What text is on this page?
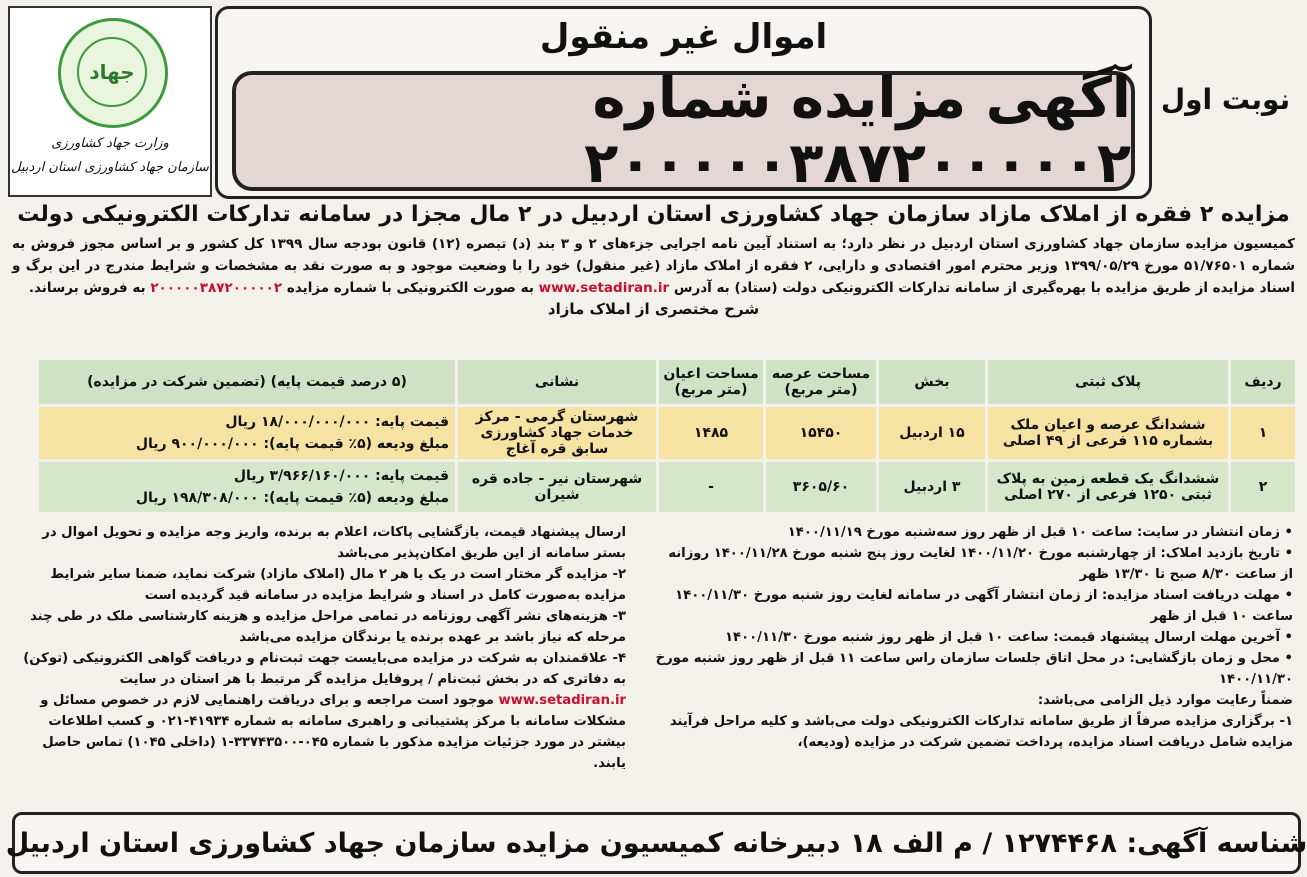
اموال غیر منقول
آگهی مزایده شماره ۲۰۰۰۰۰۳۸۷۲۰۰۰۰۰۲
نوبت اول
جهاد
وزارت جهاد کشاورزی
سازمان جهاد کشاورزی استان اردبیل
مزایده ۲ فقره از املاک مازاد سازمان جهاد کشاورزی استان اردبیل در ۲ مال مجزا در سامانه تدارکات الکترونیکی دولت
کمیسیون مزایده سازمان جهاد کشاورزی استان اردبیل در نظر دارد؛ به استناد آیین نامه اجرایی جزءهای ۲ و ۳ بند (د) تبصره (۱۲) قانون بودجه سال ۱۳۹۹ کل کشور و بر اساس مجوز فروش به شماره ۵۱/۷۶۵۰۱ مورخ ۱۳۹۹/۰۵/۲۹ وزیر محترم امور اقتصادی و دارایی، ۲ فقره از املاک مازاد (غیر منقول) خود را با وضعیت موجود و به صورت نقد به مشخصات و شرایط مندرج در این برگ و اسناد مزایده از طریق مزایده با بهره‌گیری از سامانه تدارکات الکترونیکی دولت (ستاد) به آدرس www.setadiran.ir به صورت الکترونیکی با شماره مزایده ۲۰۰۰۰۰۳۸۷۲۰۰۰۰۰۲ به فروش برساند.
شرح مختصری از املاک مازاد
ردیف	پلاک ثبتی	بخش	مساحت عرصه (متر مربع)	مساحت اعیان (متر مربع)	نشانی	(۵ درصد قیمت پایه) (تضمین شرکت در مزایده)
۱	ششدانگ عرصه و اعیان ملک بشماره ۱۱۵ فرعی از ۴۹ اصلی	۱۵ اردبیل	۱۵۴۵۰	۱۴۸۵	شهرستان گرمی - مرکز خدمات جهاد کشاورزی سابق قره آغاج	قیمت پایه: ۱۸/۰۰۰/۰۰۰/۰۰۰ ریال
مبلغ ودیعه (۵٪ قیمت پایه): ۹۰۰/۰۰۰/۰۰۰ ریال

۲	ششدانگ یک قطعه زمین به پلاک ثبتی ۱۲۵۰ فرعی از ۲۷۰ اصلی	۳ اردبیل	۳۶۰۵/۶۰	-	شهرستان نیر - جاده قره شیران	قیمت پایه: ۳/۹۶۶/۱۶۰/۰۰۰ ریال
مبلغ ودیعه (۵٪ قیمت پایه): ۱۹۸/۳۰۸/۰۰۰ ریال

• زمان انتشار در سایت: ساعت ۱۰ قبل از ظهر روز سه‌شنبه مورخ ۱۴۰۰/۱۱/۱۹

• تاریخ بازدید املاک: از چهارشنبه مورخ ۱۴۰۰/۱۱/۲۰ لغایت روز پنج شنبه مورخ ۱۴۰۰/۱۱/۲۸ روزانه از ساعت ۸/۳۰ صبح تا ۱۳/۳۰ ظهر

• مهلت دریافت اسناد مزایده: از زمان انتشار آگهی در سامانه لغایت روز شنبه مورخ ۱۴۰۰/۱۱/۳۰ ساعت ۱۰ قبل از ظهر

• آخرین مهلت ارسال پیشنهاد قیمت: ساعت ۱۰ قبل از ظهر روز شنبه مورخ ۱۴۰۰/۱۱/۳۰

• محل و زمان بازگشایی: در محل اتاق جلسات سازمان راس ساعت ۱۱ قبل از ظهر روز شنبه مورخ ۱۴۰۰/۱۱/۳۰

ضمناً رعایت موارد ذیل الزامی می‌باشد:

۱- برگزاری مزایده صرفاً از طریق سامانه تدارکات الکترونیکی دولت می‌باشد و کلیه مراحل فرآیند مزایده شامل دریافت اسناد مزایده، پرداخت تضمین شرکت در مزایده (ودیعه)،

ارسال پیشنهاد قیمت، بازگشایی پاکات، اعلام به برنده، واریز وجه مزایده و تحویل اموال در بستر سامانه از این طریق امکان‌پذیر می‌باشد

۲- مزایده گر مختار است در یک یا هر ۲ مال (املاک مازاد) شرکت نماید، ضمنا سایر شرایط مزایده به‌صورت کامل در اسناد و شرایط مزایده در سامانه قید گردیده است

۳- هزینه‌های نشر آگهی روزنامه در تمامی مراحل مزایده و هزینه کارشناسی ملک در طی چند مرحله که نیاز باشد بر عهده برنده یا برندگان مزایده می‌باشد

۴- علاقمندان به شرکت در مزایده می‌بایست جهت ثبت‌نام و دریافت گواهی الکترونیکی (توکن) به دفاتری که در بخش ثبت‌نام / پروفایل مزایده گر مرتبط با هر استان در سایت www.setadiran.ir موجود است مراجعه و برای دریافت راهنمایی لازم در خصوص مسائل و مشکلات سامانه با مرکز پشتیبانی و راهبری سامانه به شماره ۴۱۹۳۴-۰۲۱ و کسب اطلاعات بیشتر در مورد جزئیات مزایده مذکور با شماره ۰۴۵-۳۳۷۴۳۵۰۰-۱ (داخلی ۱۰۴۵) تماس حاصل یابند.

شناسه آگهی: ۱۲۷۴۴۶۸ / م الف ۱۸ دبیرخانه کمیسیون مزایده سازمان جهاد کشاورزی استان اردبیل
